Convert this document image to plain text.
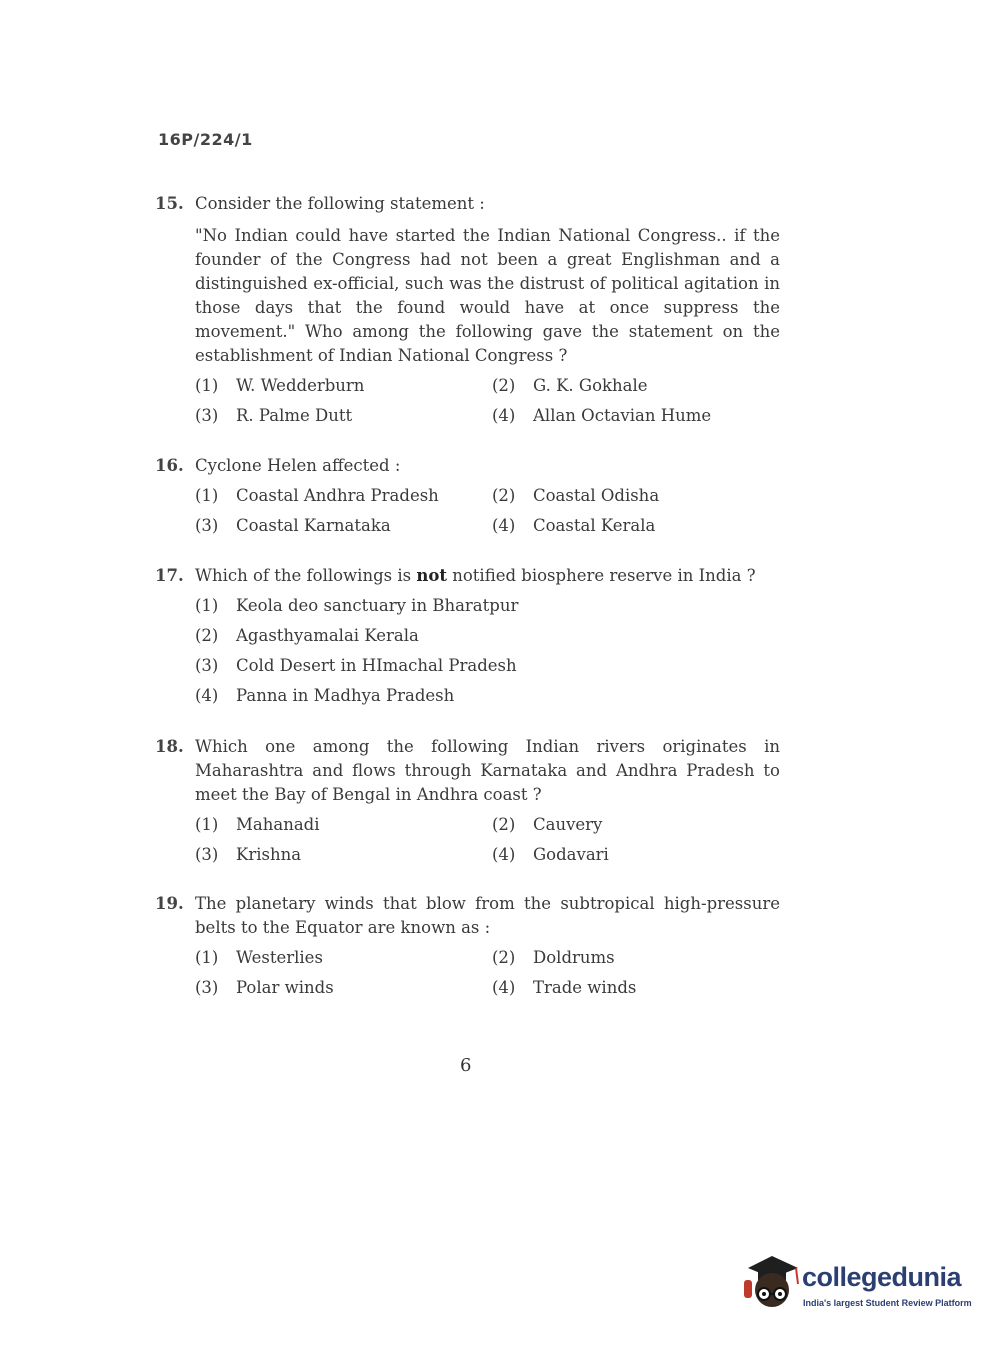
16P/224/1
15. Consider the following statement :
"No Indian could have started the Indian National Congress.. if the founder of the Congress had not been a great Englishman and a distinguished ex-official, such was the distrust of political agitation in those days that the found would have at once suppress the movement." Who among the following gave the statement on the establishment of Indian National Congress ?
(1)	W. Wedderburn	(2)	G. K. Gokhale
(3)	R. Palme Dutt	(4)	Allan Octavian Hume
16. Cyclone Helen affected :
(1)	Coastal Andhra Pradesh	(2)	Coastal Odisha
(3)	Coastal Karnataka	(4)	Coastal Kerala
17. Which of the followings is not notified biosphere reserve in India ?
(1)	Keola deo sanctuary in Bharatpur
(2)	Agasthyamalai Kerala
(3)	Cold Desert in HImachal Pradesh
(4)	Panna in Madhya Pradesh
18. Which one among the following Indian rivers originates in Maharashtra and flows through Karnataka and Andhra Pradesh to meet the Bay of Bengal in Andhra coast ?
(1)	Mahanadi	(2)	Cauvery
(3)	Krishna	(4)	Godavari
19. The planetary winds that blow from the subtropical high-pressure belts to the Equator are known as :
(1)	Westerlies	(2)	Doldrums
(3)	Polar winds	(4)	Trade winds
6
collegedunia
India's largest Student Review Platform
